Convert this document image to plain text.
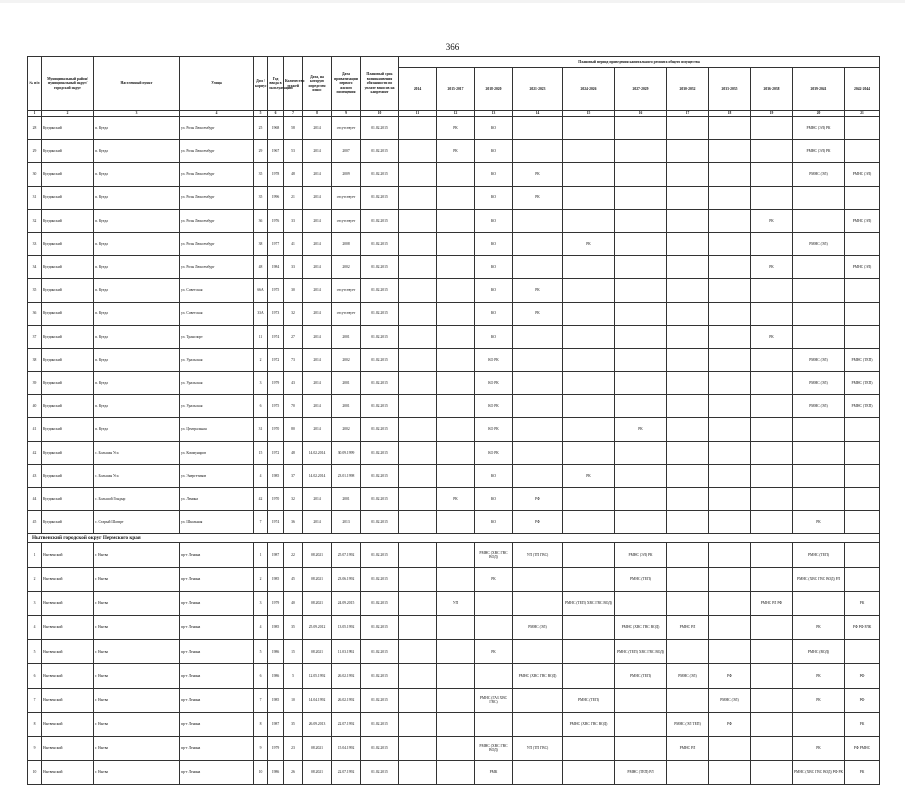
366
№ п/п	Муниципальный район/ муниципальный округ/городской округ	Населенный пункт	Улица	Дом / корпус	Год ввода в эксплуатацию	Количество этажей	Дата, на которую определен износ	Дата приватизации первого жилого помещения	Плановый срок возникновения обязанности по уплате взносов на капремонт	Плановый период проведения капитального ремонта общего имущества										
										2014	2015-2017	2018-2020	2021-2023	2024-2026	2027-2029	2030-2032	2033-2035	2036-2038	2039-2041	2042-2044
1	2	3	4	5	6	7	8	9	10	11	12	13	14	15	16	17	18	19	20	21
28	Куединский	п. Куеда	ул. Розы Люксембург	25	1968	58	2014	отсутствует	01.02.2015		РК	КО							РМНС (ЭЛ) РК	
29	Куединский	п. Куеда	ул. Розы Люксембург	29	1967	53	2014	2007	01.02.2015		РК	КО							РМНС (ЭЛ) РК	
30	Куединский	п. Куеда	ул. Розы Люксембург	35	1978	48	2014	2009	01.02.2015			КО	РК						РМНС (ЭЛ)	РМНС (ЭЛ)
31	Куединский	п. Куеда	ул. Розы Люксембург	35	1996	21	2014	отсутствует	01.02.2015			КО	РК							
32	Куединский	п. Куеда	ул. Розы Люксембург	36	1976	33	2014	отсутствует	01.02.2015			КО						РК		РМНС (ЭЛ)
33	Куединский	п. Куеда	ул. Розы Люксембург	38	1977	41	2014	2008	01.02.2015			КО		РК					РМНС (ЭЛ)	
34	Куединский	п. Куеда	ул. Розы Люксембург	48	1984	33	2014	2002	01.02.2015			КО						РК		РМНС (ЭЛ)
35	Куединский	п. Куеда	ул. Советская	66А	1975	30	2014	отсутствует	01.02.2015			КО	РК							
36	Куединский	п. Куеда	ул. Советская	33А	1973	32	2014	отсутствует	01.02.2015			КО	РК							
37	Куединский	п. Куеда	ул. Транспорт	11	1974	27	2014	2001	01.02.2015			КО						РК		
38	Куединский	п. Куеда	ул. Уральская	2	1972	73	2014	2002	01.02.2015			КО РК							РМНС (ЭЛ)	РМНС (ТЕП)
39	Куединский	п. Куеда	ул. Уральская	3	1979	43	2014	2001	01.02.2015			КО РК							РМНС (ЭЛ)	РМНС (ТЕП)
40	Куединский	п. Куеда	ул. Уральская	6	1975	70	2014	2001	01.02.2015			КО РК							РМНС (ЭЛ)	РМНС (ТЕП)
41	Куединский	п. Куеда	ул. Центральная	31	1970	80	2014	2002	01.02.2015			КО РК			РК					
42	Куединский	с. Большая Уса	ул. Коммунаров	15	1972	48	14.02.2014	30.09.1999	01.02.2015			КО РК								
43	Куединский	с. Большая Уса	ул. Энергетиков	4	1985	37	14.02.2014	23.01.1998	01.02.2015			КО		РК						
44	Куединский	с. Большой Гондыр	ул. Ленина	42	1970	32	2014	2001	01.02.2015		РК	КО	РФ							
45	Куединский	с. Старый Шагирт	ул. Школьная	7	1974	36	2014	2013	01.02.2015			КО	РФ						РК	
Нытвенский городской округ Пермского края																				
1	Нытвенский	г. Нытва	пр-т Ленина	1	1987	22	08.2021	25.07.1992	01.02.2015			РМНС (ХВС ГВС ВОД)	УП (ТП ГВС)		РМНС (ЭЛ) РК				РМНС (ТЕП)	
2	Нытвенский	г. Нытва	пр-т Ленина	2	1985	45	08.2021	23.06.1992	01.02.2015			РК			РМНС (ТЕП)				РМНС (ХВС ГВС ВОД) РЛ	
3	Нытвенский	г. Нытва	пр-т Ленина	3	1979	40	08.2021	24.09.2015	01.02.2015		УП			РМНС (ТЕП) ХВС ГВС ВОД)				РМНС РЛ РФ		РК
4	Нытвенский	г. Нытва	пр-т Ленина	4	1985	35	25.09.2012	13.05.1992	01.02.2015				РМНС (ЭЛ)		РМНС (ХВС ГВС ВОД)	РМНС РЛ			РК	РФ РФ РЛК
5	Нытвенский	г. Нытва	пр-т Ленина	5	1986	15	08.2021	11.03.1992	01.02.2015			РК			РМНС (ТЕП) ХВС ГВС ВОД)				РМНС (ВОД)	
6	Нытвенский	г. Нытва	пр-т Ленина	6	1986	5	12.05.1992	26.02.1992	01.02.2015				РМНС (ХВС ГВС ВОД)		РМНС (ТЕП)	РМНС (ЭЛ)	РФ		РК	РФ
7	Нытвенский	г. Нытва	пр-т Ленина	7	1985	10	14.04.1992	26.02.1992	01.02.2015			РМНС (ГАЗ ХВС ГВС)		РМНС (ТЕП)			РМНС (ЭЛ)		РК	РФ
8	Нытвенский	г. Нытва	пр-т Ленина	8	1987	35	26.09.2013	22.07.1992	01.02.2015					РМНС (ХВС ГВС ВОД)		РМНС (ЭЛ ТЕП)	РФ			РК
9	Нытвенский	г. Нытва	пр-т Ленина	9	1979	23	08.2021	15.04.1992	01.02.2015			РМНС (ХВС ГВС ВОД)	УП (ТП ГВС)			РМНС РЛ			РК	РФ РМНС
10	Нытвенский	г. Нытва	пр-т Ленина	10	1986	26	08.2021	22.07.1992	01.02.2015			РМК			РМНС (ТЕП) РЛ				РМНС (ХВС ГВС ВОД) РФ РК	РК
